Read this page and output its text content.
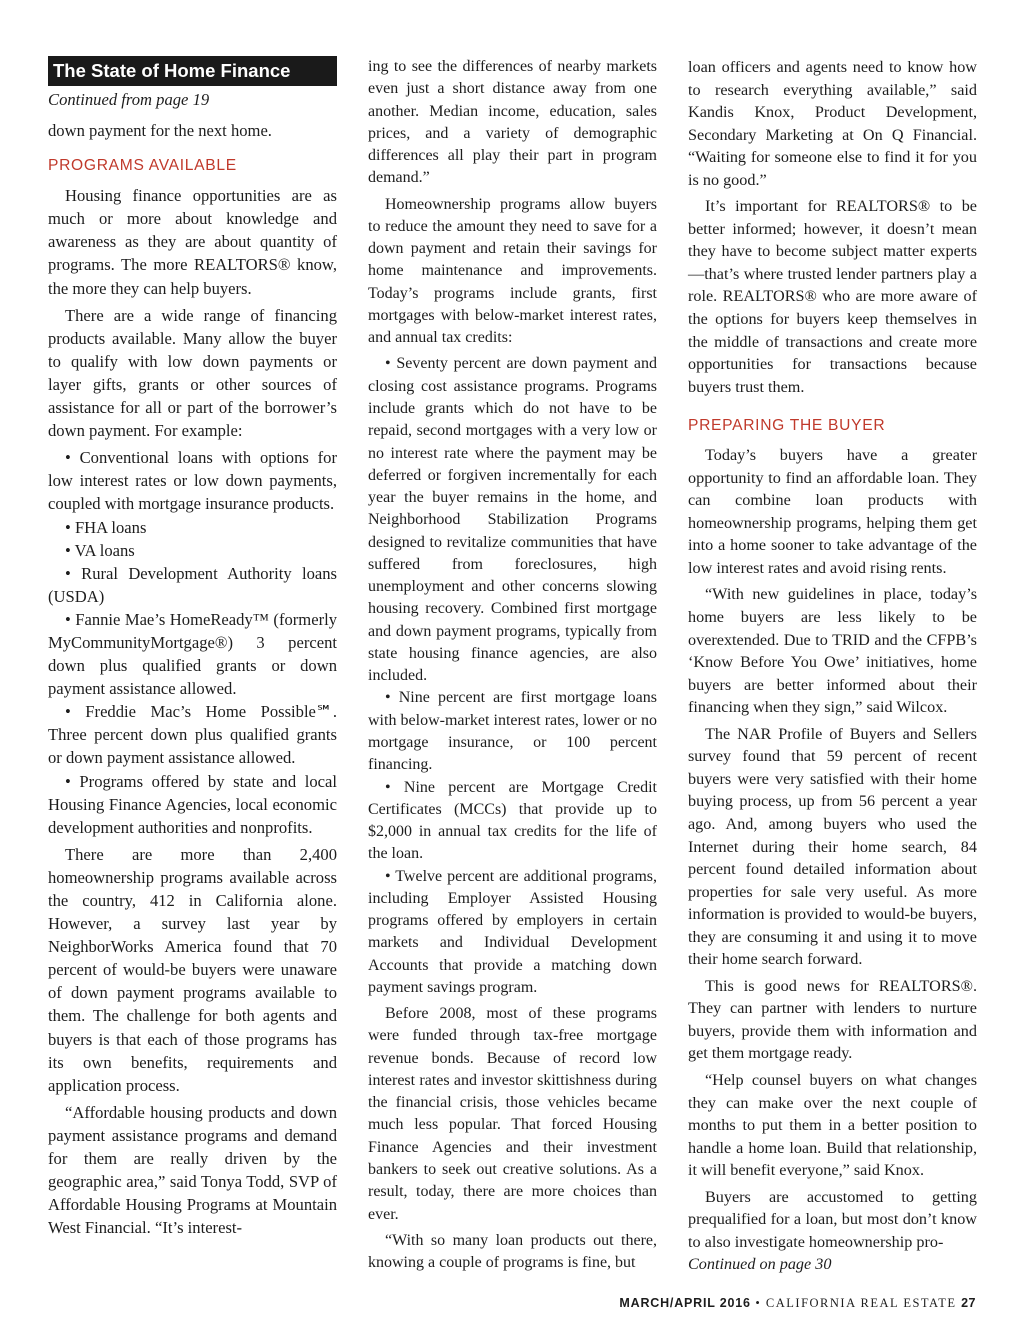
The State of Home Finance

Continued from page 19

down payment for the next home.

PROGRAMS AVAILABLE

Housing finance opportunities are as much or more about knowledge and awareness as they are about quantity of programs. The more REALTORS® know, the more they can help buyers.

There are a wide range of financing products available. Many allow the buyer to qualify with low down payments or layer gifts, grants or other sources of assistance for all or part of the borrower’s down payment. For example:

• Conventional loans with options for low interest rates or low down payments, coupled with mortgage insurance products.

• FHA loans

• VA loans

• Rural Development Authority loans (USDA)

• Fannie Mae’s HomeReady™ (formerly MyCommunityMortgage®) 3 percent down plus qualified grants or down payment assistance allowed.

• Freddie Mac’s Home Possible℠. Three percent down plus qualified grants or down payment assistance allowed.

• Programs offered by state and local Housing Finance Agencies, local economic development authorities and nonprofits.

There are more than 2,400 homeownership programs available across the country, 412 in California alone. However, a survey last year by NeighborWorks America found that 70 percent of would-be buyers were unaware of down payment programs available to them. The challenge for both agents and buyers is that each of those programs has its own benefits, requirements and application process.

“Affordable housing products and down payment assistance programs and demand for them are really driven by the geographic area,” said Tonya Todd, SVP of Affordable Housing Programs at Mountain West Financial. “It’s interest-

ing to see the differences of nearby markets even just a short distance away from one another. Median income, education, sales prices, and a variety of demographic differences all play their part in program demand.”

Homeownership programs allow buyers to reduce the amount they need to save for a down payment and retain their savings for home maintenance and improvements. Today’s programs include grants, first mortgages with below-market interest rates, and annual tax credits:

• Seventy percent are down payment and closing cost assistance programs. Programs include grants which do not have to be repaid, second mortgages with a very low or no interest rate where the payment may be deferred or forgiven incrementally for each year the buyer remains in the home, and Neighborhood Stabilization Programs designed to revitalize communities that have suffered from foreclosures, high unemployment and other concerns slowing housing recovery. Combined first mortgage and down payment programs, typically from state housing finance agencies, are also included.

• Nine percent are first mortgage loans with below-market interest rates, lower or no mortgage insurance, or 100 percent financing.

• Nine percent are Mortgage Credit Certificates (MCCs) that provide up to $2,000 in annual tax credits for the life of the loan.

• Twelve percent are additional programs, including Employer Assisted Housing programs offered by employers in certain markets and Individual Development Accounts that provide a matching down payment savings program.

Before 2008, most of these programs were funded through tax-free mortgage revenue bonds. Because of record low interest rates and investor skittishness during the financial crisis, those vehicles became much less popular. That forced Housing Finance Agencies and their investment bankers to seek out creative solutions. As a result, today, there are more choices than ever.

“With so many loan products out there, knowing a couple of programs is fine, but

loan officers and agents need to know how to research everything available,” said Kandis Knox, Product Development, Secondary Marketing at On Q Financial. “Waiting for someone else to find it for you is no good.”

It’s important for REALTORS® to be better informed; however, it doesn’t mean they have to become subject matter experts—that’s where trusted lender partners play a role. REALTORS® who are more aware of the options for buyers keep themselves in the middle of transactions and create more opportunities for transactions because buyers trust them.

PREPARING THE BUYER

Today’s buyers have a greater opportunity to find an affordable loan. They can combine loan products with homeownership programs, helping them get into a home sooner to take advantage of the low interest rates and avoid rising rents.

“With new guidelines in place, today’s home buyers are less likely to be overextended. Due to TRID and the CFPB’s ‘Know Before You Owe’ initiatives, home buyers are better informed about their financing when they sign,” said Wilcox.

The NAR Profile of Buyers and Sellers survey found that 59 percent of recent buyers were very satisfied with their home buying process, up from 56 percent a year ago. And, among buyers who used the Internet during their home search, 84 percent found detailed information about properties for sale very useful. As more information is provided to would-be buyers, they are consuming it and using it to move their home search forward.

This is good news for REALTORS®. They can partner with lenders to nurture buyers, provide them with information and get them mortgage ready.

“Help counsel buyers on what changes they can make over the next couple of months to put them in a better position to handle a home loan. Build that relationship, it will benefit everyone,” said Knox.

Buyers are accustomed to getting prequalified for a loan, but most don’t know to also investigate homeownership pro-

Continued on page 30

MARCH/APRIL 2016 • CALIFORNIA REAL ESTATE 27
